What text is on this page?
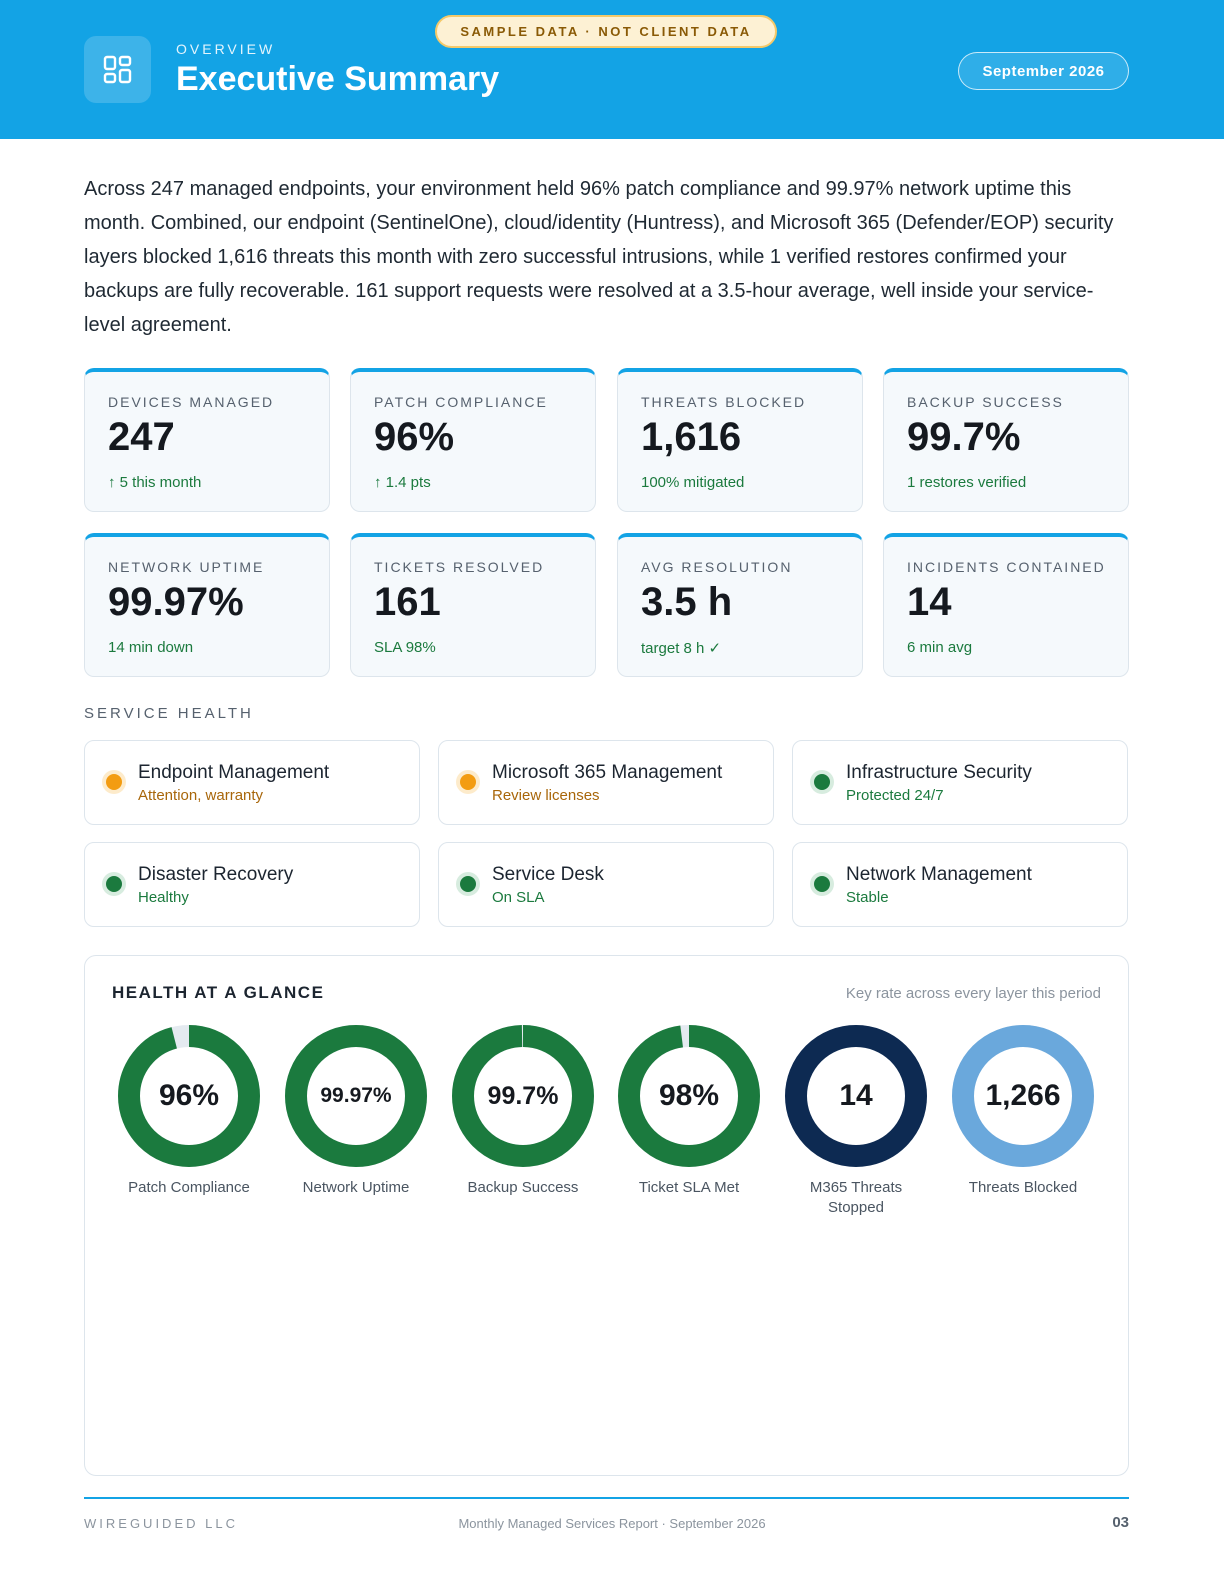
OVERVIEW
Executive Summary
SAMPLE DATA · NOT CLIENT DATA
September 2026

Across 247 managed endpoints, your environment held 96% patch compliance and 99.97% network uptime this month. Combined, our endpoint (SentinelOne), cloud/identity (Huntress), and Microsoft 365 (Defender/EOP) security layers blocked 1,616 threats this month with zero successful intrusions, while 1 verified restores confirmed your backups are fully recoverable. 161 support requests were resolved at a 3.5-hour average, well inside your service-level agreement.

DEVICES MANAGED
247
↑ 5 this month
PATCH COMPLIANCE
96%
↑ 1.4 pts
THREATS BLOCKED
1,616
100% mitigated
BACKUP SUCCESS
99.7%
1 restores verified
NETWORK UPTIME
99.97%
14 min down
TICKETS RESOLVED
161
SLA 98%
AVG RESOLUTION
3.5 h
target 8 h ✓
INCIDENTS CONTAINED
14
6 min avg
SERVICE HEALTH
Endpoint Management
Attention, warranty
Microsoft 365 Management
Review licenses
Infrastructure Security
Protected 24/7
Disaster Recovery
Healthy
Service Desk
On SLA
Network Management
Stable
HEALTH AT A GLANCE	Key rate across every layer this period
96%
Patch Compliance
99.97%
Network Uptime
99.7%
Backup Success
98%
Ticket SLA Met
14
M365 Threats Stopped
1,266
Threats Blocked
WIREGUIDED LLC	Monthly Managed Services Report · September 2026	03
